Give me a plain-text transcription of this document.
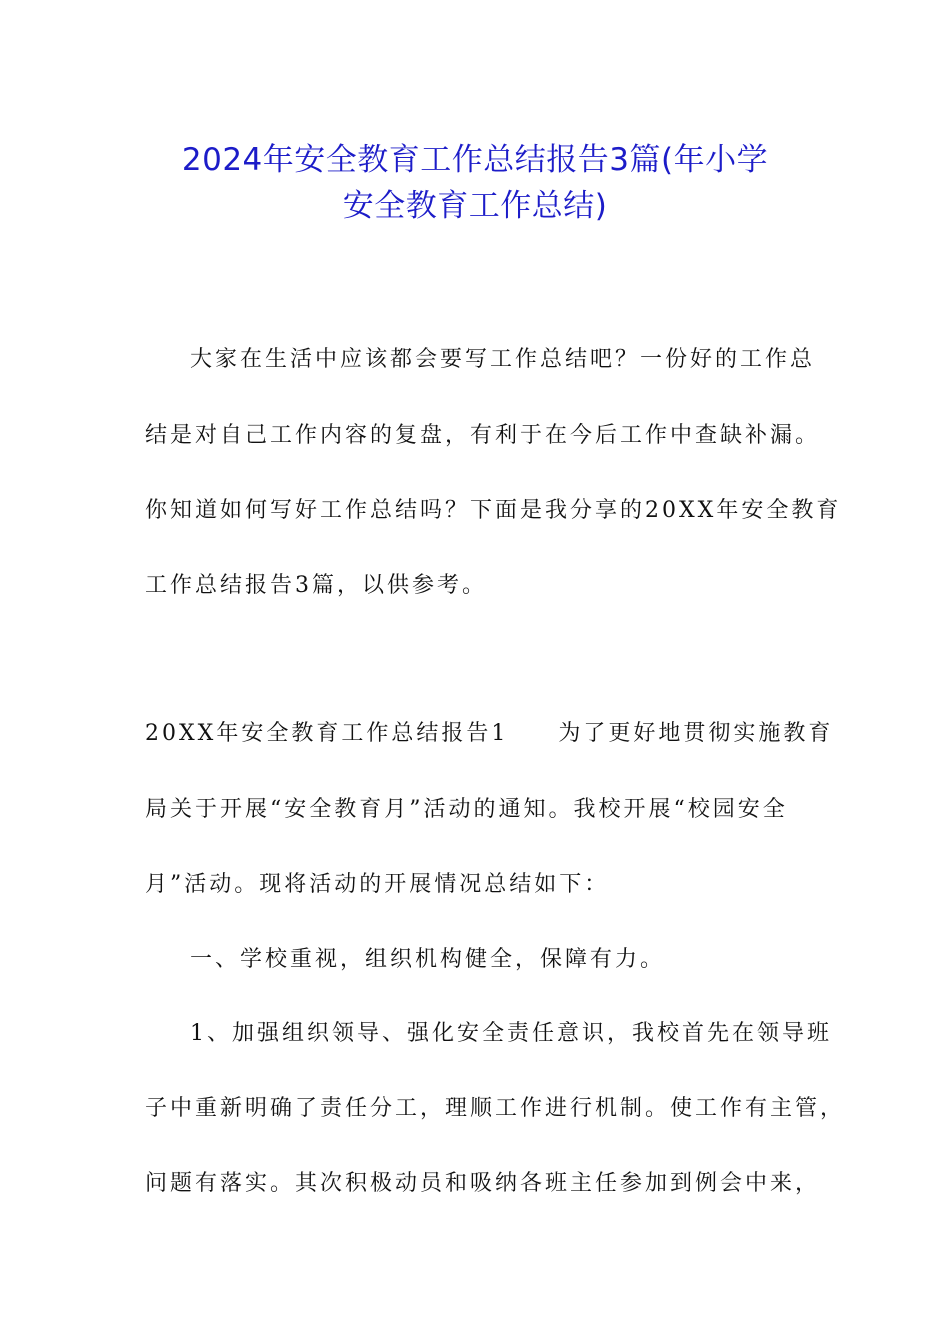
2024年安全教育工作总结报告3篇(年小学
安全教育工作总结)
大家在生活中应该都会要写工作总结吧？一份好的工作总
结是对自己工作内容的复盘，有利于在今后工作中查缺补漏。
你知道如何写好工作总结吗？下面是我分享的20XX年安全教育
工作总结报告3篇，以供参考。
20XX年安全教育工作总结报告1 为了更好地贯彻实施教育
局关于开展“安全教育月”活动的通知。我校开展“校园安全
月”活动。现将活动的开展情况总结如下：
一、学校重视，组织机构健全，保障有力。
1、加强组织领导、强化安全责任意识，我校首先在领导班
子中重新明确了责任分工，理顺工作进行机制。使工作有主管，
问题有落实。其次积极动员和吸纳各班主任参加到例会中来，
